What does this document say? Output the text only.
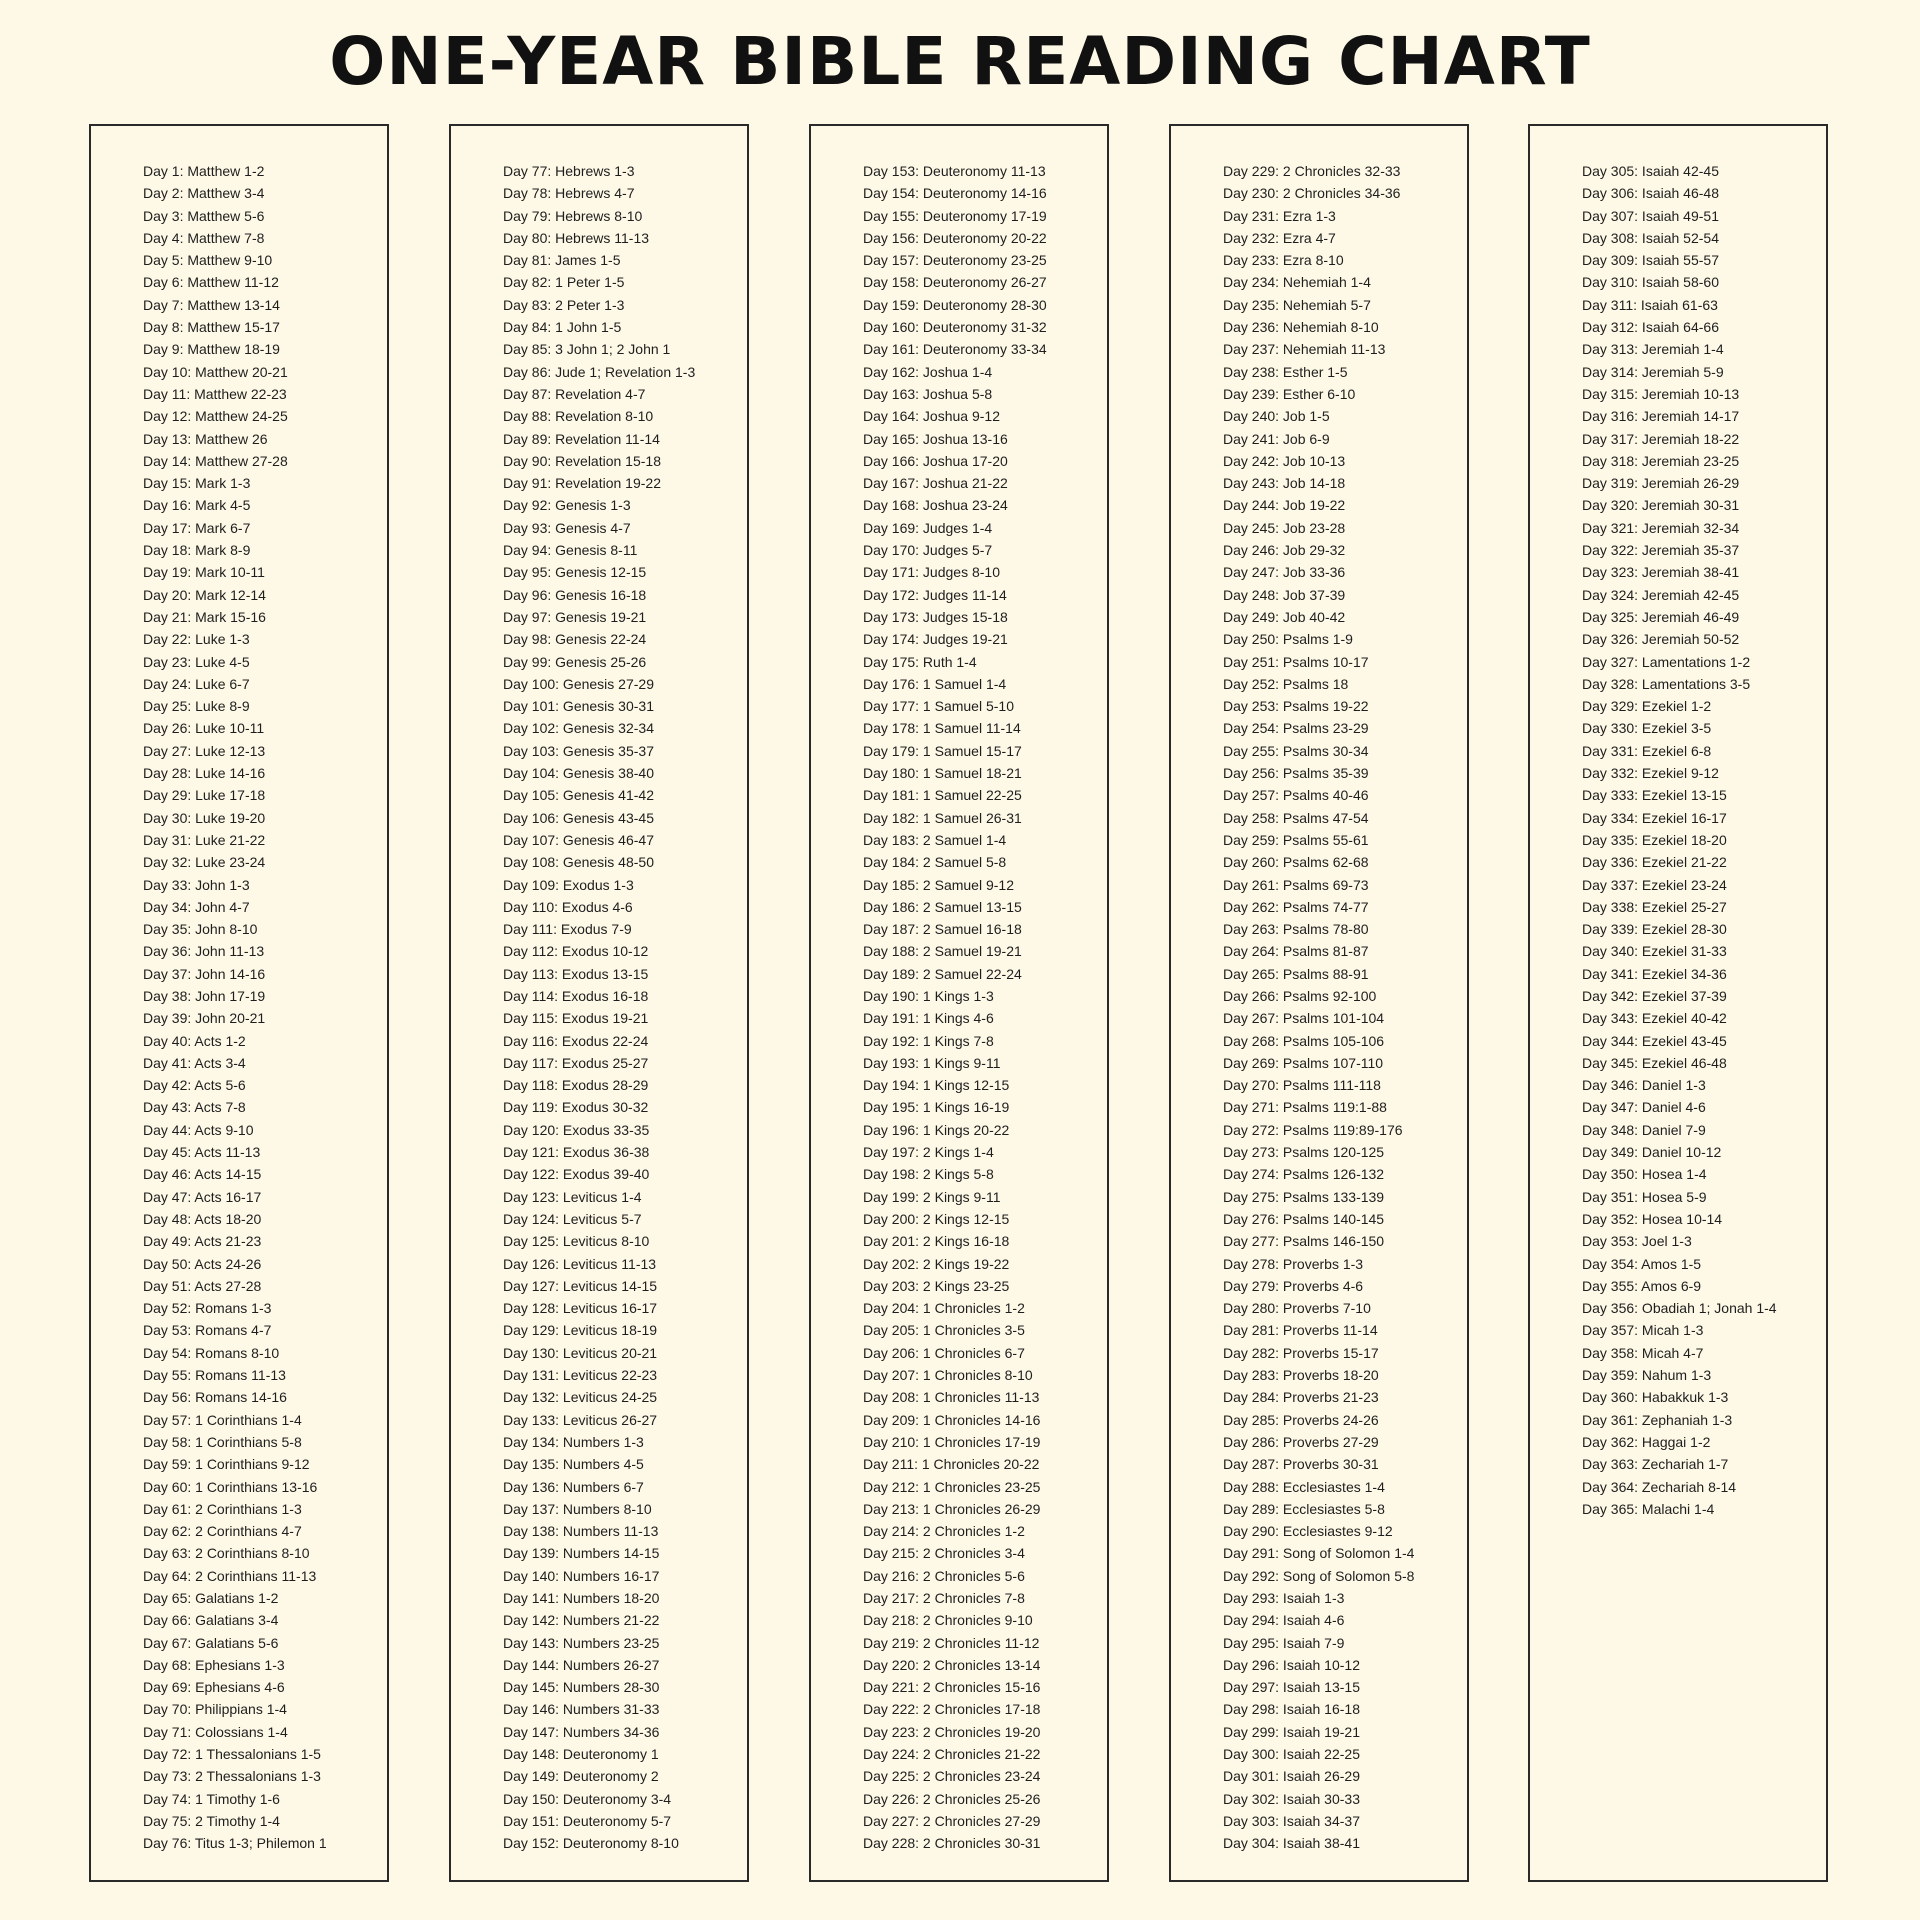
ONE-YEAR BIBLE READING CHART
Day 1: Matthew 1-2
Day 2: Matthew 3-4
Day 3: Matthew 5-6
Day 4: Matthew 7-8
Day 5: Matthew 9-10
Day 6: Matthew 11-12
Day 7: Matthew 13-14
Day 8: Matthew 15-17
Day 9: Matthew 18-19
Day 10: Matthew 20-21
Day 11: Matthew 22-23
Day 12: Matthew 24-25
Day 13: Matthew 26
Day 14: Matthew 27-28
Day 15: Mark 1-3
Day 16: Mark 4-5
Day 17: Mark 6-7
Day 18: Mark 8-9
Day 19: Mark 10-11
Day 20: Mark 12-14
Day 21: Mark 15-16
Day 22: Luke 1-3
Day 23: Luke 4-5
Day 24: Luke 6-7
Day 25: Luke 8-9
Day 26: Luke 10-11
Day 27: Luke 12-13
Day 28: Luke 14-16
Day 29: Luke 17-18
Day 30: Luke 19-20
Day 31: Luke 21-22
Day 32: Luke 23-24
Day 33: John 1-3
Day 34: John 4-7
Day 35: John 8-10
Day 36: John 11-13
Day 37: John 14-16
Day 38: John 17-19
Day 39: John 20-21
Day 40: Acts 1-2
Day 41: Acts 3-4
Day 42: Acts 5-6
Day 43: Acts 7-8
Day 44: Acts 9-10
Day 45: Acts 11-13
Day 46: Acts 14-15
Day 47: Acts 16-17
Day 48: Acts 18-20
Day 49: Acts 21-23
Day 50: Acts 24-26
Day 51: Acts 27-28
Day 52: Romans 1-3
Day 53: Romans 4-7
Day 54: Romans 8-10
Day 55: Romans 11-13
Day 56: Romans 14-16
Day 57: 1 Corinthians 1-4
Day 58: 1 Corinthians 5-8
Day 59: 1 Corinthians 9-12
Day 60: 1 Corinthians 13-16
Day 61: 2 Corinthians 1-3
Day 62: 2 Corinthians 4-7
Day 63: 2 Corinthians 8-10
Day 64: 2 Corinthians 11-13
Day 65: Galatians 1-2
Day 66: Galatians 3-4
Day 67: Galatians 5-6
Day 68: Ephesians 1-3
Day 69: Ephesians 4-6
Day 70: Philippians 1-4
Day 71: Colossians 1-4
Day 72: 1 Thessalonians 1-5
Day 73: 2 Thessalonians 1-3
Day 74: 1 Timothy 1-6
Day 75: 2 Timothy 1-4
Day 76: Titus 1-3; Philemon 1
Day 77: Hebrews 1-3
Day 78: Hebrews 4-7
Day 79: Hebrews 8-10
Day 80: Hebrews 11-13
Day 81: James 1-5
Day 82: 1 Peter 1-5
Day 83: 2 Peter 1-3
Day 84: 1 John 1-5
Day 85: 3 John 1; 2 John 1
Day 86: Jude 1; Revelation 1-3
Day 87: Revelation 4-7
Day 88: Revelation 8-10
Day 89: Revelation 11-14
Day 90: Revelation 15-18
Day 91: Revelation 19-22
Day 92: Genesis 1-3
Day 93: Genesis 4-7
Day 94: Genesis 8-11
Day 95: Genesis 12-15
Day 96: Genesis 16-18
Day 97: Genesis 19-21
Day 98: Genesis 22-24
Day 99: Genesis 25-26
Day 100: Genesis 27-29
Day 101: Genesis 30-31
Day 102: Genesis 32-34
Day 103: Genesis 35-37
Day 104: Genesis 38-40
Day 105: Genesis 41-42
Day 106: Genesis 43-45
Day 107: Genesis 46-47
Day 108: Genesis 48-50
Day 109: Exodus 1-3
Day 110: Exodus 4-6
Day 111: Exodus 7-9
Day 112: Exodus 10-12
Day 113: Exodus 13-15
Day 114: Exodus 16-18
Day 115: Exodus 19-21
Day 116: Exodus 22-24
Day 117: Exodus 25-27
Day 118: Exodus 28-29
Day 119: Exodus 30-32
Day 120: Exodus 33-35
Day 121: Exodus 36-38
Day 122: Exodus 39-40
Day 123: Leviticus 1-4
Day 124: Leviticus 5-7
Day 125: Leviticus 8-10
Day 126: Leviticus 11-13
Day 127: Leviticus 14-15
Day 128: Leviticus 16-17
Day 129: Leviticus 18-19
Day 130: Leviticus 20-21
Day 131: Leviticus 22-23
Day 132: Leviticus 24-25
Day 133: Leviticus 26-27
Day 134: Numbers 1-3
Day 135: Numbers 4-5
Day 136: Numbers 6-7
Day 137: Numbers 8-10
Day 138: Numbers 11-13
Day 139: Numbers 14-15
Day 140: Numbers 16-17
Day 141: Numbers 18-20
Day 142: Numbers 21-22
Day 143: Numbers 23-25
Day 144: Numbers 26-27
Day 145: Numbers 28-30
Day 146: Numbers 31-33
Day 147: Numbers 34-36
Day 148: Deuteronomy 1
Day 149: Deuteronomy 2
Day 150: Deuteronomy 3-4
Day 151: Deuteronomy 5-7
Day 152: Deuteronomy 8-10
Day 153: Deuteronomy 11-13
Day 154: Deuteronomy 14-16
Day 155: Deuteronomy 17-19
Day 156: Deuteronomy 20-22
Day 157: Deuteronomy 23-25
Day 158: Deuteronomy 26-27
Day 159: Deuteronomy 28-30
Day 160: Deuteronomy 31-32
Day 161: Deuteronomy 33-34
Day 162: Joshua 1-4
Day 163: Joshua 5-8
Day 164: Joshua 9-12
Day 165: Joshua 13-16
Day 166: Joshua 17-20
Day 167: Joshua 21-22
Day 168: Joshua 23-24
Day 169: Judges 1-4
Day 170: Judges 5-7
Day 171: Judges 8-10
Day 172: Judges 11-14
Day 173: Judges 15-18
Day 174: Judges 19-21
Day 175: Ruth 1-4
Day 176: 1 Samuel 1-4
Day 177: 1 Samuel 5-10
Day 178: 1 Samuel 11-14
Day 179: 1 Samuel 15-17
Day 180: 1 Samuel 18-21
Day 181: 1 Samuel 22-25
Day 182: 1 Samuel 26-31
Day 183: 2 Samuel 1-4
Day 184: 2 Samuel 5-8
Day 185: 2 Samuel 9-12
Day 186: 2 Samuel 13-15
Day 187: 2 Samuel 16-18
Day 188: 2 Samuel 19-21
Day 189: 2 Samuel 22-24
Day 190: 1 Kings 1-3
Day 191: 1 Kings 4-6
Day 192: 1 Kings 7-8
Day 193: 1 Kings 9-11
Day 194: 1 Kings 12-15
Day 195: 1 Kings 16-19
Day 196: 1 Kings 20-22
Day 197: 2 Kings 1-4
Day 198: 2 Kings 5-8
Day 199: 2 Kings 9-11
Day 200: 2 Kings 12-15
Day 201: 2 Kings 16-18
Day 202: 2 Kings 19-22
Day 203: 2 Kings 23-25
Day 204: 1 Chronicles 1-2
Day 205: 1 Chronicles 3-5
Day 206: 1 Chronicles 6-7
Day 207: 1 Chronicles 8-10
Day 208: 1 Chronicles 11-13
Day 209: 1 Chronicles 14-16
Day 210: 1 Chronicles 17-19
Day 211: 1 Chronicles 20-22
Day 212: 1 Chronicles 23-25
Day 213: 1 Chronicles 26-29
Day 214: 2 Chronicles 1-2
Day 215: 2 Chronicles 3-4
Day 216: 2 Chronicles 5-6
Day 217: 2 Chronicles 7-8
Day 218: 2 Chronicles 9-10
Day 219: 2 Chronicles 11-12
Day 220: 2 Chronicles 13-14
Day 221: 2 Chronicles 15-16
Day 222: 2 Chronicles 17-18
Day 223: 2 Chronicles 19-20
Day 224: 2 Chronicles 21-22
Day 225: 2 Chronicles 23-24
Day 226: 2 Chronicles 25-26
Day 227: 2 Chronicles 27-29
Day 228: 2 Chronicles 30-31
Day 229: 2 Chronicles 32-33
Day 230: 2 Chronicles 34-36
Day 231: Ezra 1-3
Day 232: Ezra 4-7
Day 233: Ezra 8-10
Day 234: Nehemiah 1-4
Day 235: Nehemiah 5-7
Day 236: Nehemiah 8-10
Day 237: Nehemiah 11-13
Day 238: Esther 1-5
Day 239: Esther 6-10
Day 240: Job 1-5
Day 241: Job 6-9
Day 242: Job 10-13
Day 243: Job 14-18
Day 244: Job 19-22
Day 245: Job 23-28
Day 246: Job 29-32
Day 247: Job 33-36
Day 248: Job 37-39
Day 249: Job 40-42
Day 250: Psalms 1-9
Day 251: Psalms 10-17
Day 252: Psalms 18
Day 253: Psalms 19-22
Day 254: Psalms 23-29
Day 255: Psalms 30-34
Day 256: Psalms 35-39
Day 257: Psalms 40-46
Day 258: Psalms 47-54
Day 259: Psalms 55-61
Day 260: Psalms 62-68
Day 261: Psalms 69-73
Day 262: Psalms 74-77
Day 263: Psalms 78-80
Day 264: Psalms 81-87
Day 265: Psalms 88-91
Day 266: Psalms 92-100
Day 267: Psalms 101-104
Day 268: Psalms 105-106
Day 269: Psalms 107-110
Day 270: Psalms 111-118
Day 271: Psalms 119:1-88
Day 272: Psalms 119:89-176
Day 273: Psalms 120-125
Day 274: Psalms 126-132
Day 275: Psalms 133-139
Day 276: Psalms 140-145
Day 277: Psalms 146-150
Day 278: Proverbs 1-3
Day 279: Proverbs 4-6
Day 280: Proverbs 7-10
Day 281: Proverbs 11-14
Day 282: Proverbs 15-17
Day 283: Proverbs 18-20
Day 284: Proverbs 21-23
Day 285: Proverbs 24-26
Day 286: Proverbs 27-29
Day 287: Proverbs 30-31
Day 288: Ecclesiastes 1-4
Day 289: Ecclesiastes 5-8
Day 290: Ecclesiastes 9-12
Day 291: Song of Solomon 1-4
Day 292: Song of Solomon 5-8
Day 293: Isaiah 1-3
Day 294: Isaiah 4-6
Day 295: Isaiah 7-9
Day 296: Isaiah 10-12
Day 297: Isaiah 13-15
Day 298: Isaiah 16-18
Day 299: Isaiah 19-21
Day 300: Isaiah 22-25
Day 301: Isaiah 26-29
Day 302: Isaiah 30-33
Day 303: Isaiah 34-37
Day 304: Isaiah 38-41
Day 305: Isaiah 42-45
Day 306: Isaiah 46-48
Day 307: Isaiah 49-51
Day 308: Isaiah 52-54
Day 309: Isaiah 55-57
Day 310: Isaiah 58-60
Day 311: Isaiah 61-63
Day 312: Isaiah 64-66
Day 313: Jeremiah 1-4
Day 314: Jeremiah 5-9
Day 315: Jeremiah 10-13
Day 316: Jeremiah 14-17
Day 317: Jeremiah 18-22
Day 318: Jeremiah 23-25
Day 319: Jeremiah 26-29
Day 320: Jeremiah 30-31
Day 321: Jeremiah 32-34
Day 322: Jeremiah 35-37
Day 323: Jeremiah 38-41
Day 324: Jeremiah 42-45
Day 325: Jeremiah 46-49
Day 326: Jeremiah 50-52
Day 327: Lamentations 1-2
Day 328: Lamentations 3-5
Day 329: Ezekiel 1-2
Day 330: Ezekiel 3-5
Day 331: Ezekiel 6-8
Day 332: Ezekiel 9-12
Day 333: Ezekiel 13-15
Day 334: Ezekiel 16-17
Day 335: Ezekiel 18-20
Day 336: Ezekiel 21-22
Day 337: Ezekiel 23-24
Day 338: Ezekiel 25-27
Day 339: Ezekiel 28-30
Day 340: Ezekiel 31-33
Day 341: Ezekiel 34-36
Day 342: Ezekiel 37-39
Day 343: Ezekiel 40-42
Day 344: Ezekiel 43-45
Day 345: Ezekiel 46-48
Day 346: Daniel 1-3
Day 347: Daniel 4-6
Day 348: Daniel 7-9
Day 349: Daniel 10-12
Day 350: Hosea 1-4
Day 351: Hosea 5-9
Day 352: Hosea 10-14
Day 353: Joel 1-3
Day 354: Amos 1-5
Day 355: Amos 6-9
Day 356: Obadiah 1; Jonah 1-4
Day 357: Micah 1-3
Day 358: Micah 4-7
Day 359: Nahum 1-3
Day 360: Habakkuk 1-3
Day 361: Zephaniah 1-3
Day 362: Haggai 1-2
Day 363: Zechariah 1-7
Day 364: Zechariah 8-14
Day 365: Malachi 1-4
